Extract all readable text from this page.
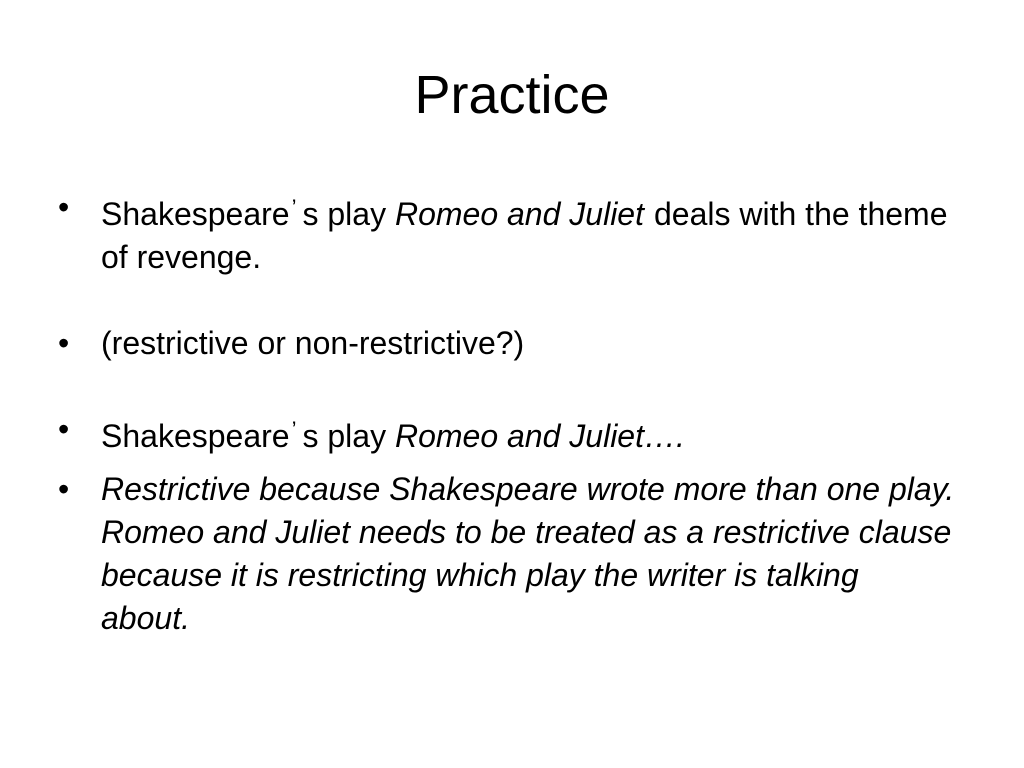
Practice
• Shakespeare’ s play Romeo and Juliet deals with the theme of revenge.
• (restrictive or non-restrictive?)
• Shakespeare’ s play Romeo and Juliet….
• Restrictive because Shakespeare wrote more than one play. Romeo and Juliet needs to be treated as a restrictive clause because it is restricting which play the writer is talking about.
